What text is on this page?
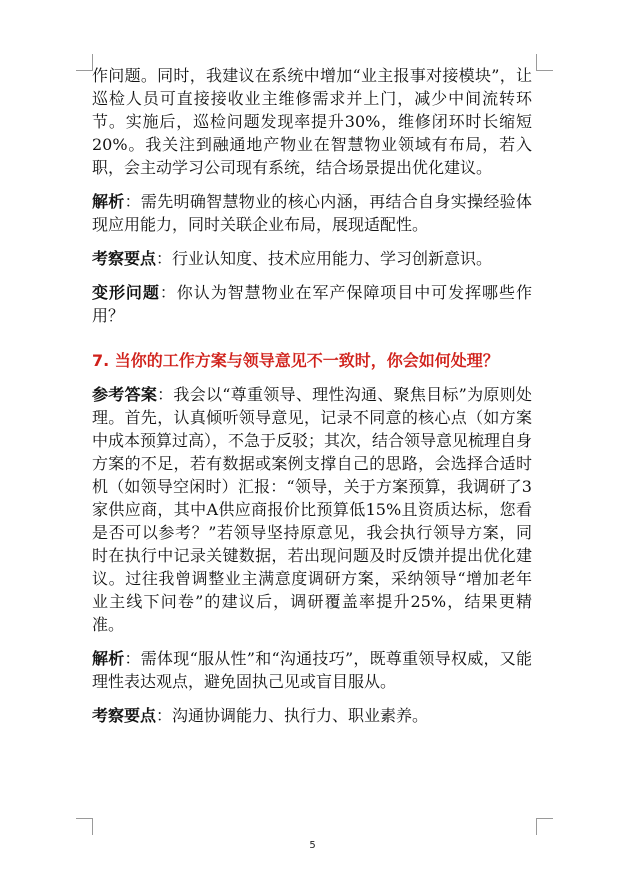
作问题。同时，我建议在系统中增加“业主报事对接模块”，让巡检人员可直接接收业主维修需求并上门，减少中间流转环节。实施后，巡检问题发现率提升30%，维修闭环时长缩短20%。我关注到融通地产物业在智慧物业领域有布局，若入职，会主动学习公司现有系统，结合场景提出优化建议。

解析：需先明确智慧物业的核心内涵，再结合自身实操经验体现应用能力，同时关联企业布局，展现适配性。

考察要点：行业认知度、技术应用能力、学习创新意识。

变形问题：你认为智慧物业在军产保障项目中可发挥哪些作用？

7. 当你的工作方案与领导意见不一致时，你会如何处理？

参考答案：我会以“尊重领导、理性沟通、聚焦目标”为原则处理。首先，认真倾听领导意见，记录不同意的核心点（如方案中成本预算过高），不急于反驳；其次，结合领导意见梳理自身方案的不足，若有数据或案例支撑自己的思路，会选择合适时机（如领导空闲时）汇报：“领导，关于方案预算，我调研了3家供应商，其中A供应商报价比预算低15%且资质达标，您看是否可以参考？”若领导坚持原意见，我会执行领导方案，同时在执行中记录关键数据，若出现问题及时反馈并提出优化建议。过往我曾调整业主满意度调研方案，采纳领导“增加老年业主线下问卷”的建议后，调研覆盖率提升25%，结果更精准。

解析：需体现“服从性”和“沟通技巧”，既尊重领导权威，又能理性表达观点，避免固执己见或盲目服从。

考察要点：沟通协调能力、执行力、职业素养。

5
